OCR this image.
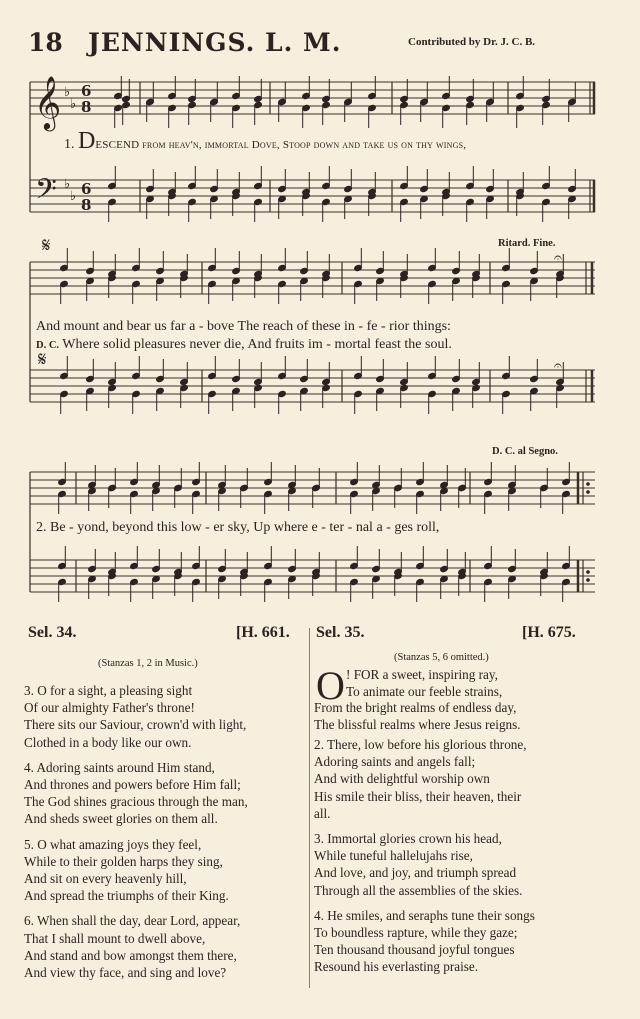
18 JENNINGS. L. M.	Contributed by Dr. J. C. B.
𝄞
𝄢
♭
♭
♭
♭
6
8
6
8
𝄋
𝄋
𝄐
𝄐
1. DESCEND from heav'n, immortal Dove, Stoop down and take us on thy wings,
Ritard. Fine.
And mount and bear us far a - bove The reach of these in - fe - rior things:
D. C. Where solid pleasures never die, And fruits im - mortal feast the soul.
D. C. al Segno.
2. Be - yond, beyond this low - er sky, Up where e - ter - nal a - ges roll,
Sel. 34.	[H. 661.
(Stanzas 1, 2 in Music.)
3. O for a sight, a pleasing sight
Of our almighty Father's throne!
There sits our Saviour, crown'd with light,
Clothed in a body like our own.
4. Adoring saints around Him stand,
And thrones and powers before Him fall;
The God shines gracious through the man,
And sheds sweet glories on them all.
5. O what amazing joys they feel,
While to their golden harps they sing,
And sit on every heavenly hill,
And spread the triumphs of their King.
6. When shall the day, dear Lord, appear,
That I shall mount to dwell above,
And stand and bow amongst them there,
And view thy face, and sing and love?
Sel. 35.	[H. 675.
(Stanzas 5, 6 omitted.)
O ! FOR a sweet, inspiring ray,
To animate our feeble strains,
From the bright realms of endless day,
The blissful realms where Jesus reigns.
2. There, low before his glorious throne,
Adoring saints and angels fall;
And with delightful worship own
His smile their bliss, their heaven, their
all.
3. Immortal glories crown his head,
While tuneful hallelujahs rise,
And love, and joy, and triumph spread
Through all the assemblies of the skies.
4. He smiles, and seraphs tune their songs
To boundless rapture, while they gaze;
Ten thousand thousand joyful tongues
Resound his everlasting praise.
